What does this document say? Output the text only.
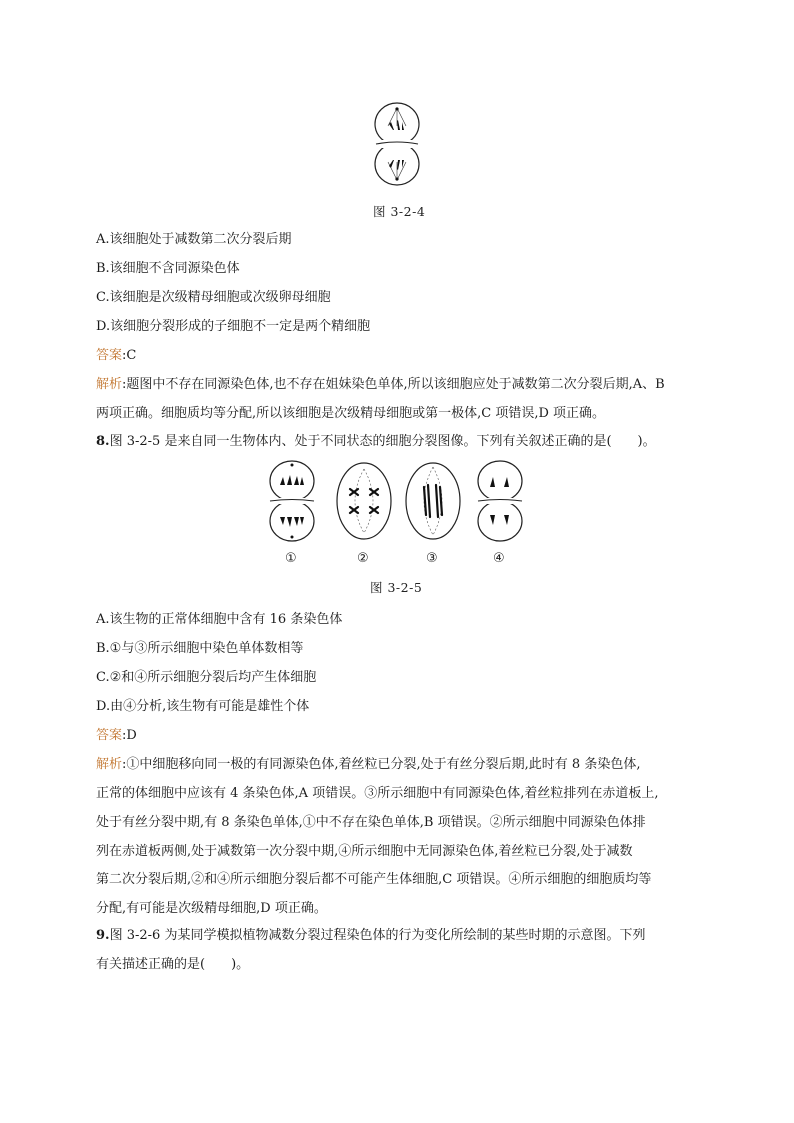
图 3-2-4
A.该细胞处于减数第二次分裂后期
B.该细胞不含同源染色体
C.该细胞是次级精母细胞或次级卵母细胞
D.该细胞分裂形成的子细胞不一定是两个精细胞
答案:C
解析:题图中不存在同源染色体,也不存在姐妹染色单体,所以该细胞应处于减数第二次分裂后期,A、B
两项正确。细胞质均等分配,所以该细胞是次级精母细胞或第一极体,C 项错误,D 项正确。
8.图 3-2-5 是来自同一生物体内、处于不同状态的细胞分裂图像。下列有关叙述正确的是(　　)。
①	②	③	④
图 3-2-5
A.该生物的正常体细胞中含有 16 条染色体
B.①与③所示细胞中染色单体数相等
C.②和④所示细胞分裂后均产生体细胞
D.由④分析,该生物有可能是雄性个体
答案:D
解析:①中细胞移向同一极的有同源染色体,着丝粒已分裂,处于有丝分裂后期,此时有 8 条染色体,
正常的体细胞中应该有 4 条染色体,A 项错误。③所示细胞中有同源染色体,着丝粒排列在赤道板上,
处于有丝分裂中期,有 8 条染色单体,①中不存在染色单体,B 项错误。②所示细胞中同源染色体排
列在赤道板两侧,处于减数第一次分裂中期,④所示细胞中无同源染色体,着丝粒已分裂,处于减数
第二次分裂后期,②和④所示细胞分裂后都不可能产生体细胞,C 项错误。④所示细胞的细胞质均等
分配,有可能是次级精母细胞,D 项正确。
9.图 3-2-6 为某同学模拟植物减数分裂过程染色体的行为变化所绘制的某些时期的示意图。下列
有关描述正确的是(　　)。
